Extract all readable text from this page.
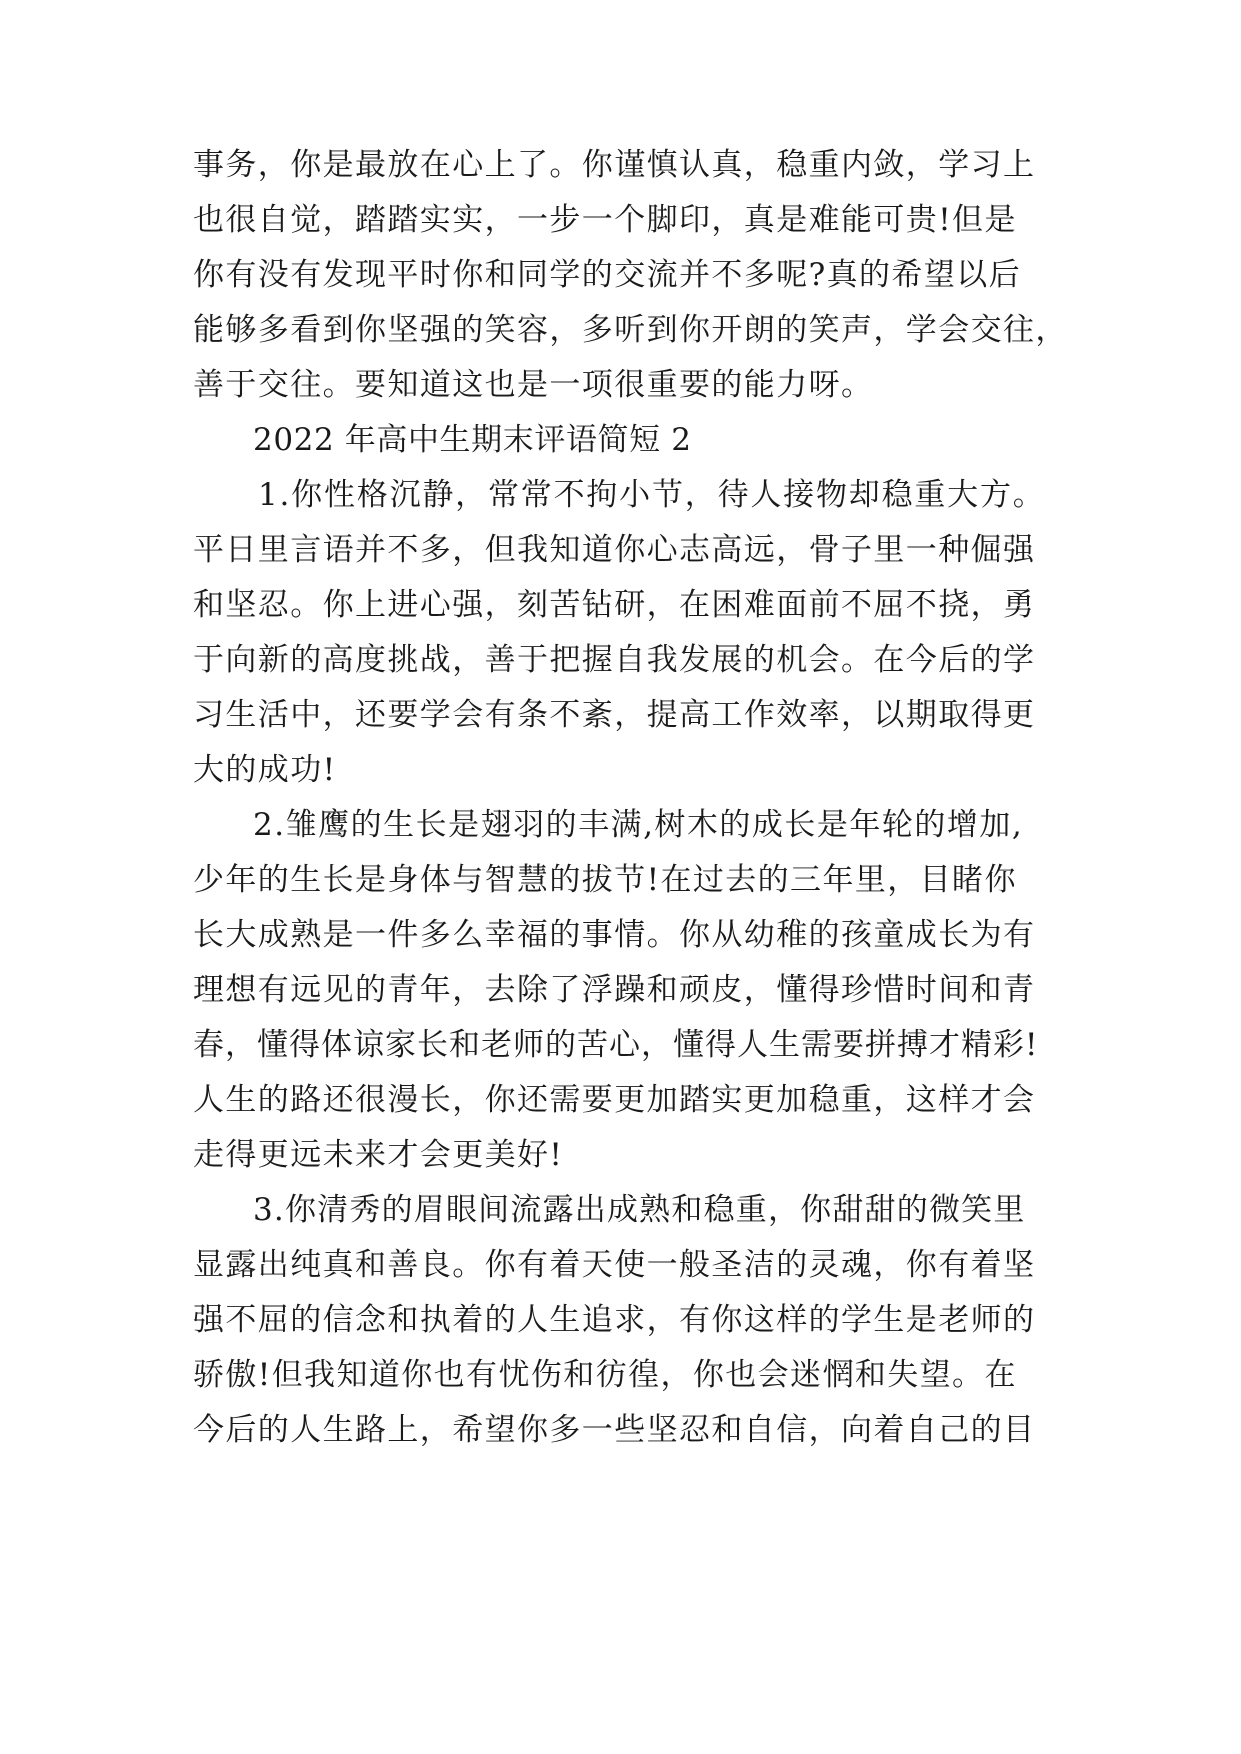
事务，你是最放在心上了。你谨慎认真，稳重内敛，学习上

也很自觉，踏踏实实，一步一个脚印，真是难能可贵!但是

你有没有发现平时你和同学的交流并不多呢?真的希望以后

能够多看到你坚强的笑容，多听到你开朗的笑声，学会交往，

善于交往。要知道这也是一项很重要的能力呀。

2022 年高中生期末评语简短 2

1.你性格沉静，常常不拘小节，待人接物却稳重大方。

平日里言语并不多，但我知道你心志高远，骨子里一种倔强

和坚忍。你上进心强，刻苦钻研，在困难面前不屈不挠，勇

于向新的高度挑战，善于把握自我发展的机会。在今后的学

习生活中，还要学会有条不紊，提高工作效率，以期取得更

大的成功!

2.雏鹰的生长是翅羽的丰满,树木的成长是年轮的增加,

少年的生长是身体与智慧的拔节!在过去的三年里，目睹你

长大成熟是一件多么幸福的事情。你从幼稚的孩童成长为有

理想有远见的青年，去除了浮躁和顽皮，懂得珍惜时间和青

春，懂得体谅家长和老师的苦心，懂得人生需要拼搏才精彩!

人生的路还很漫长，你还需要更加踏实更加稳重，这样才会

走得更远未来才会更美好!

3.你清秀的眉眼间流露出成熟和稳重，你甜甜的微笑里

显露出纯真和善良。你有着天使一般圣洁的灵魂，你有着坚

强不屈的信念和执着的人生追求，有你这样的学生是老师的

骄傲!但我知道你也有忧伤和彷徨，你也会迷惘和失望。在

今后的人生路上，希望你多一些坚忍和自信，向着自己的目
